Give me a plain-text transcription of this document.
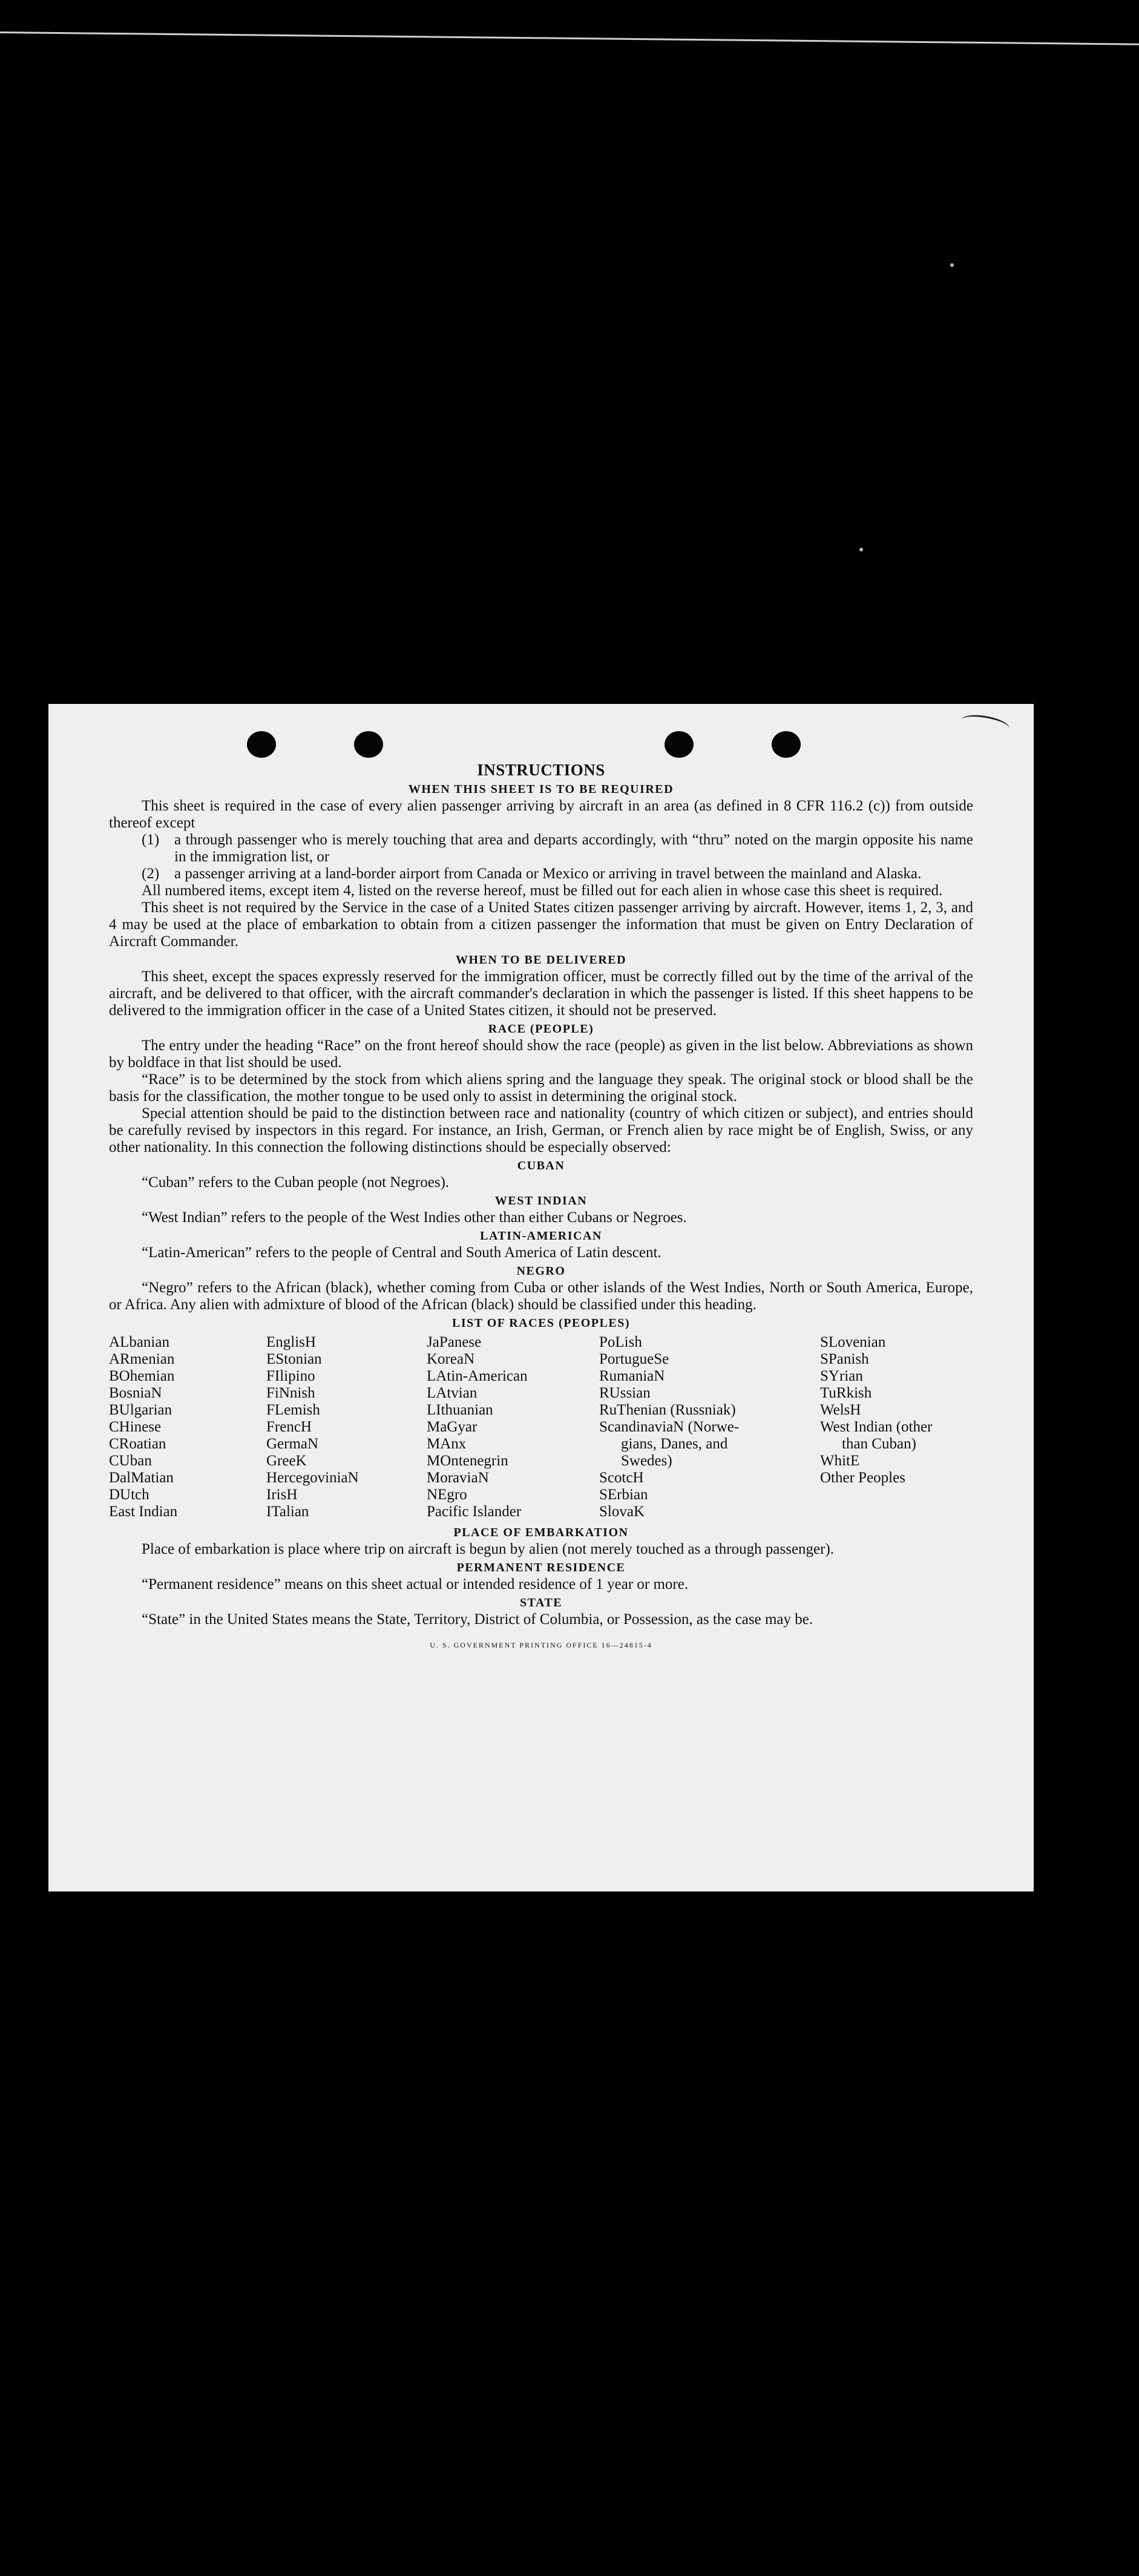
INSTRUCTIONS
WHEN THIS SHEET IS TO BE REQUIRED

This sheet is required in the case of every alien passenger arriving by aircraft in an area (as defined in 8 CFR 116.2 (c)) from outside thereof except

(1) a through passenger who is merely touching that area and departs accordingly, with “thru” noted on the margin opposite his name in the immigration list, or
(2) a passenger arriving at a land-border airport from Canada or Mexico or arriving in travel between the mainland and Alaska.

All numbered items, except item 4, listed on the reverse hereof, must be filled out for each alien in whose case this sheet is required.

This sheet is not required by the Service in the case of a United States citizen passenger arriving by aircraft. However, items 1, 2, 3, and 4 may be used at the place of embarkation to obtain from a citizen passenger the information that must be given on Entry Declaration of Aircraft Commander.

WHEN TO BE DELIVERED

This sheet, except the spaces expressly reserved for the immigration officer, must be correctly filled out by the time of the arrival of the aircraft, and be delivered to that officer, with the aircraft commander's declaration in which the passenger is listed. If this sheet happens to be delivered to the immigration officer in the case of a United States citizen, it should not be preserved.

RACE (PEOPLE)

The entry under the heading “Race” on the front hereof should show the race (people) as given in the list below. Abbreviations as shown by boldface in that list should be used.

“Race” is to be determined by the stock from which aliens spring and the language they speak. The original stock or blood shall be the basis for the classification, the mother tongue to be used only to assist in determining the original stock.

Special attention should be paid to the distinction between race and nationality (country of which citizen or subject), and entries should be carefully revised by inspectors in this regard. For instance, an Irish, German, or French alien by race might be of English, Swiss, or any other nationality. In this connection the following distinctions should be especially observed:

CUBAN

“Cuban” refers to the Cuban people (not Negroes).

WEST INDIAN

“West Indian” refers to the people of the West Indies other than either Cubans or Negroes.

LATIN-AMERICAN

“Latin-American” refers to the people of Central and South America of Latin descent.

NEGRO

“Negro” refers to the African (black), whether coming from Cuba or other islands of the West Indies, North or South America, Europe, or Africa. Any alien with admixture of blood of the African (black) should be classified under this heading.

LIST OF RACES (PEOPLES)
ALbanian
ARmenian
BOhemian
BosniaN
BUlgarian
CHinese
CRoatian
CUban
DalMatian
DUtch
East Indian
EnglisH
EStonian
FIlipino
FiNnish
FLemish
FrencH
GermaN
GreeK
HercegoviniaN
IrisH
ITalian
JaPanese
KoreaN
LAtin-American
LAtvian
LIthuanian
MaGyar
MAnx
MOntenegrin
MoraviaN
NEgro
Pacific Islander
PoLish
PortugueSe
RumaniaN
RUssian
RuThenian (Russniak)
ScandinaviaN (Norwe-
gians, Danes, and
Swedes)
ScotcH
SErbian
SlovaK
SLovenian
SPanish
SYrian
TuRkish
WelsH
West Indian (other
than Cuban)
WhitE
Other Peoples
PLACE OF EMBARKATION

Place of embarkation is place where trip on aircraft is begun by alien (not merely touched as a through passenger).

PERMANENT RESIDENCE

“Permanent residence” means on this sheet actual or intended residence of 1 year or more.

STATE

“State” in the United States means the State, Territory, District of Columbia, or Possession, as the case may be.

U. S. GOVERNMENT PRINTING OFFICE 16—24815-4
